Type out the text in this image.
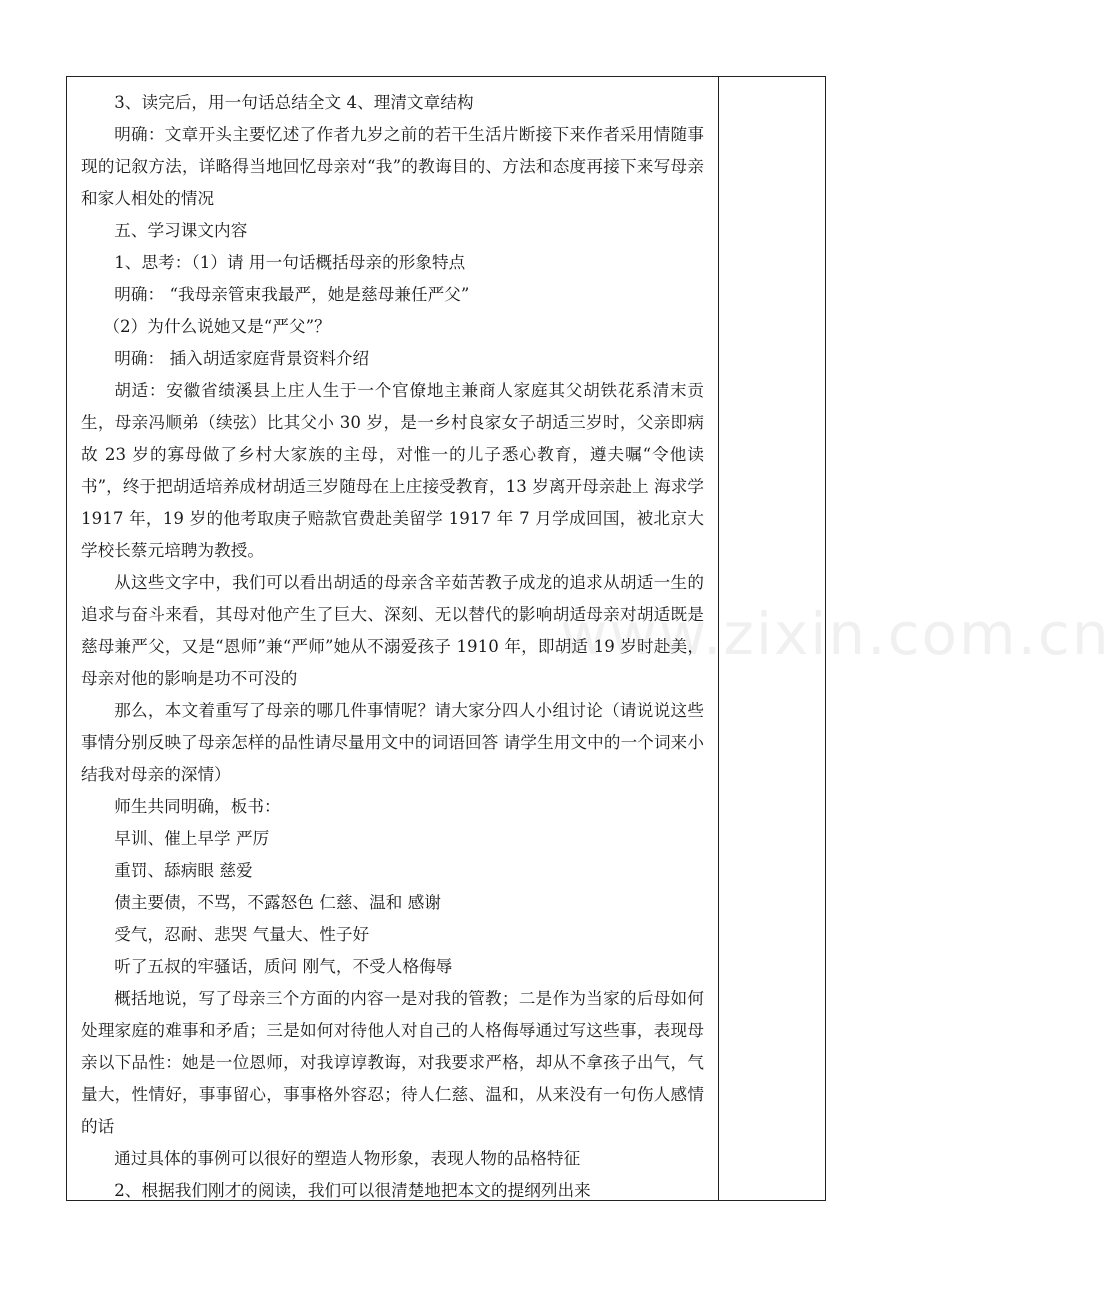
3、读完后，用一句话总结全文 4、理清文章结构

明确：文章开头主要忆述了作者九岁之前的若干生活片断接下来作者采用情随事现的记叙方法，详略得当地回忆母亲对“我”的教诲目的、方法和态度再接下来写母亲和家人相处的情况

五、学习课文内容
1、思考：（1）请 用一句话概括母亲的形象特点
明确： “我母亲管束我最严，她是慈母兼任严父”
（2）为什么说她又是“严父”？
明确： 插入胡适家庭背景资料介绍

胡适：安徽省绩溪县上庄人生于一个官僚地主兼商人家庭其父胡铁花系清末贡生，母亲冯顺弟（续弦）比其父小 30 岁，是一乡村良家女子胡适三岁时，父亲即病故 23 岁的寡母做了乡村大家族的主母，对惟一的儿子悉心教育，遵夫嘱“令他读书”，终于把胡适培养成材胡适三岁随母在上庄接受教育，13 岁离开母亲赴上 海求学 1917 年，19 岁的他考取庚子赔款官费赴美留学 1917 年 7 月学成回国，被北京大学校长蔡元培聘为教授。

从这些文字中，我们可以看出胡适的母亲含辛茹苦教子成龙的追求从胡适一生的追求与奋斗来看，其母对他产生了巨大、深刻、无以替代的影响胡适母亲对胡适既是慈母兼严父，又是“恩师”兼“严师”她从不溺爱孩子 1910 年，即胡适 19 岁时赴美，母亲对他的影响是功不可没的

那么，本文着重写了母亲的哪几件事情呢？请大家分四人小组讨论（请说说这些事情分别反映了母亲怎样的品性请尽量用文中的词语回答 请学生用文中的一个词来小结我对母亲的深情）

师生共同明确，板书：
早训、催上早学 严厉
重罚、舔病眼 慈爱
债主要债，不骂，不露怒色 仁慈、温和 感谢
受气，忍耐、悲哭 气量大、性子好
听了五叔的牢骚话，质问 刚气，不受人格侮辱

概括地说，写了母亲三个方面的内容一是对我的管教；二是作为当家的后母如何处理家庭的难事和矛盾；三是如何对待他人对自己的人格侮辱通过写这些事，表现母亲以下品性：她是一位恩师，对我谆谆教诲，对我要求严格，却从不拿孩子出气，气量大，性情好，事事留心，事事格外容忍；待人仁慈、温和，从来没有一句伤人感情的话

通过具体的事例可以很好的塑造人物形象，表现人物的品格特征
2、根据我们刚才的阅读，我们可以很清楚地把本文的提纲列出来
www.zixin.com.cn
